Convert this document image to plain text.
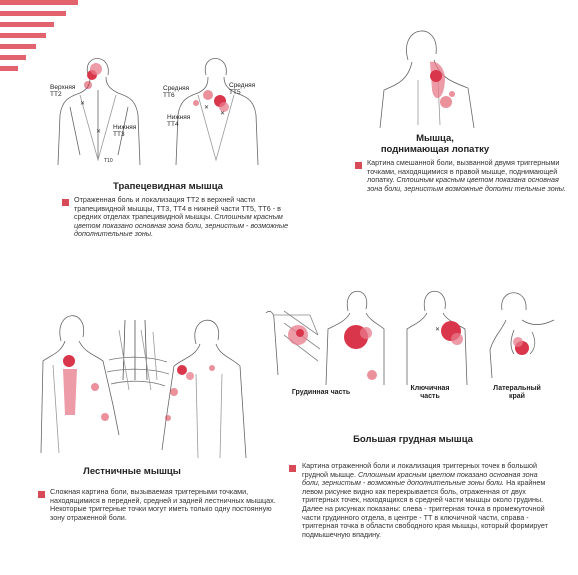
✕
✕
✕
✕
Верхняя
ТТ2
Нижняя
ТТ3
T10
Средняя
ТТ6
Средняя
ТТ5
Нижняя
ТТ4
Трапецевидная мышца
Отраженная боль и локализация ТТ2 в верхней части трапецивидной мышцы, ТТ3, ТТ4 в нижней части ТТ5, ТТ6 - в средних отделах трапецивидной мышцы. Сплошным красным цветом показано основная зона боли, зернистым - возможные дополнительные зоны.
Мышца,
поднимающая лопатку
Картина смешанной боли, вызванной двумя триггерными точками, находящимися в правой мышце, поднимающей лопатку. Сплошным красным цветом показана основная зона боли, зернистым возможные дополни тельные зоны.
Лестничные мышцы
Сложная картина боли, вызываемая триггерными точками, находящимися в передней, средней и задней лестничных мышцах. Некоторые триггерные точки могут иметь только одну постоянную зону отраженной боли.
✕
Грудинная часть
Ключичная
часть
Латеральный
край
Большая грудная мышца
Картина отраженной боли и локализация триггерных точек в большой грудной мышце. Сплошным красным цветом показано основная зона боли, зернистым - возможные дополнительные зоны боли. На крайнем левом рисунке видно как перекрывается боль, отраженная от двух триггерных точек, находящихся в средней части мышцы около грудины. Далее на рисунках показаны: слева - триггерная точка в промежуточной части грудинного отдела, в центре - ТТ в ключичной части, справа - триггерная точка в области свободного края мышцы, который формирует подмышечную впадину.
